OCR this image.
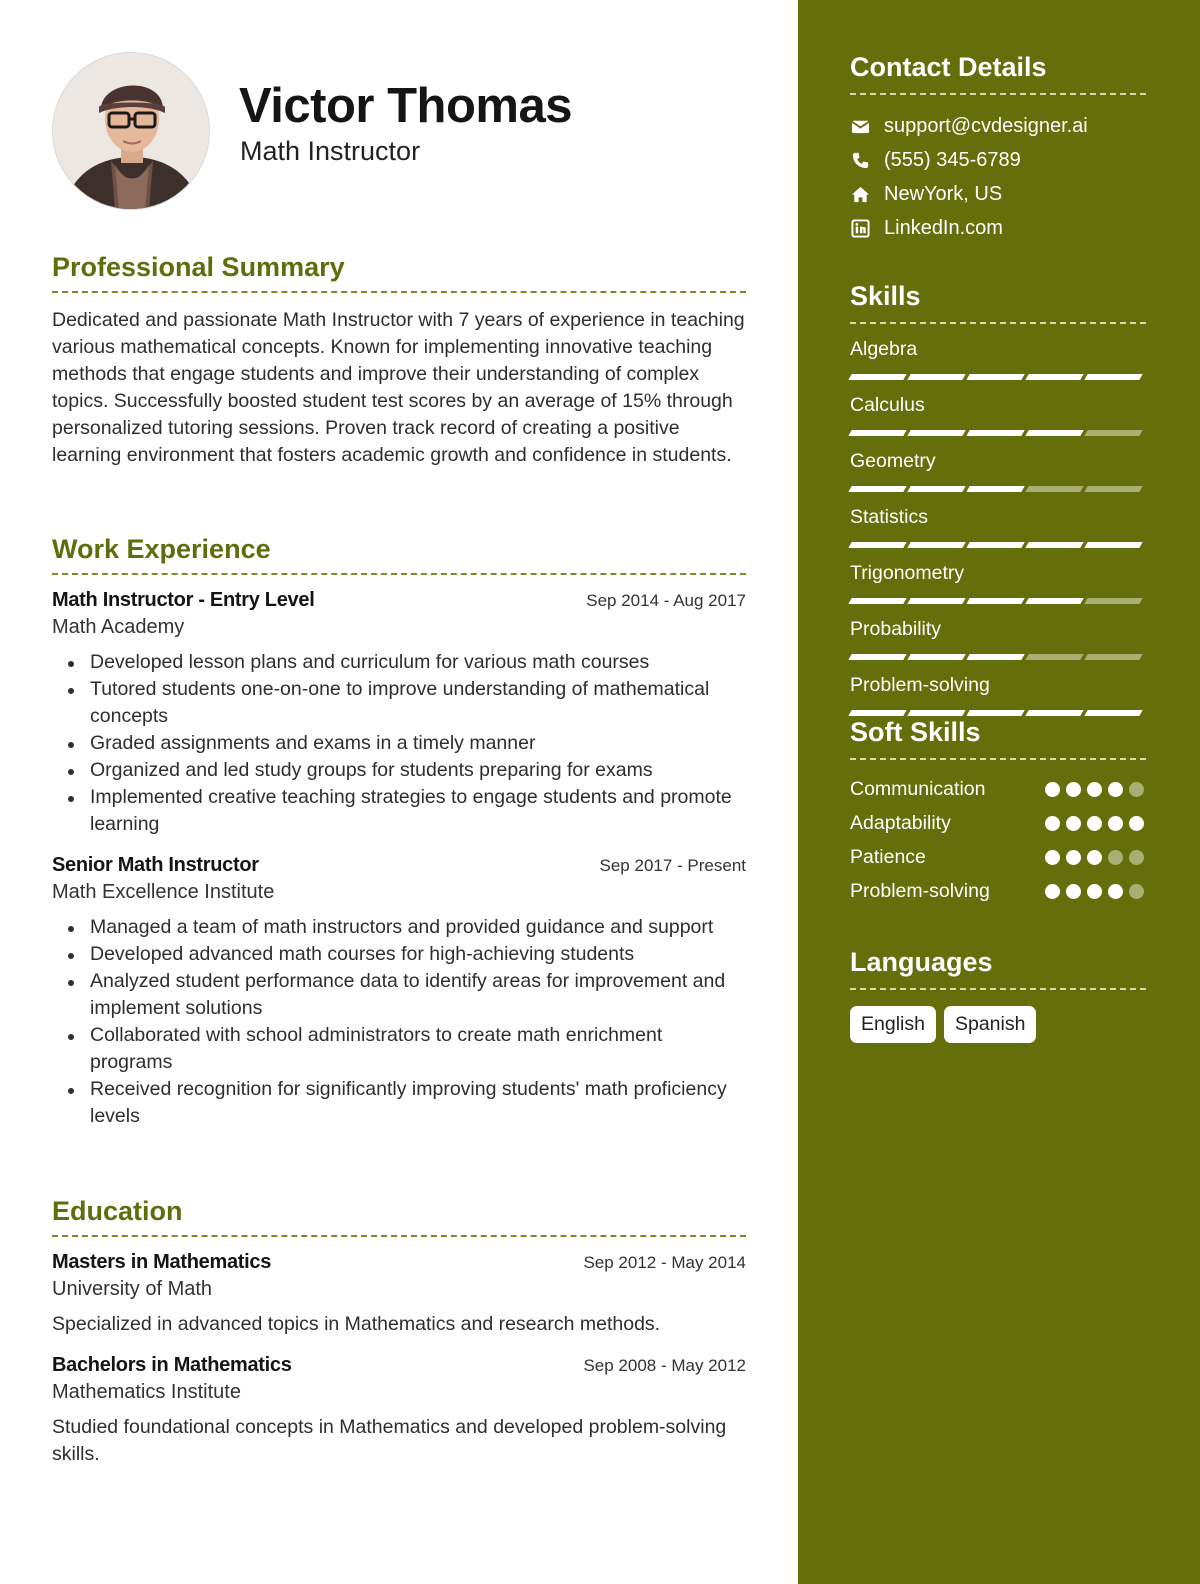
Victor Thomas
Math Instructor
Professional Summary
Dedicated and passionate Math Instructor with 7 years of experience in teaching various mathematical concepts. Known for implementing innovative teaching methods that engage students and improve their understanding of complex topics. Successfully boosted student test scores by an average of 15% through personalized tutoring sessions. Proven track record of creating a positive learning environment that fosters academic growth and confidence in students.
Work Experience
Math Instructor - Entry Level	Sep 2014 - Aug 2017
Math Academy
Developed lesson plans and curriculum for various math courses
Tutored students one-on-one to improve understanding of mathematical concepts
Graded assignments and exams in a timely manner
Organized and led study groups for students preparing for exams
Implemented creative teaching strategies to engage students and promote learning
Senior Math Instructor	Sep 2017 - Present
Math Excellence Institute
Managed a team of math instructors and provided guidance and support
Developed advanced math courses for high-achieving students
Analyzed student performance data to identify areas for improvement and implement solutions
Collaborated with school administrators to create math enrichment programs
Received recognition for significantly improving students' math proficiency levels
Education
Masters in Mathematics	Sep 2012 - May 2014
University of Math
Specialized in advanced topics in Mathematics and research methods.
Bachelors in Mathematics	Sep 2008 - May 2012
Mathematics Institute
Studied foundational concepts in Mathematics and developed problem-solving skills.
Contact Details
support@cvdesigner.ai
(555) 345-6789
NewYork, US
LinkedIn.com
Skills
Algebra
Calculus
Geometry
Statistics
Trigonometry
Probability
Problem-solving
Soft Skills
Communication
Adaptability
Patience
Problem-solving
Languages
English	Spanish
